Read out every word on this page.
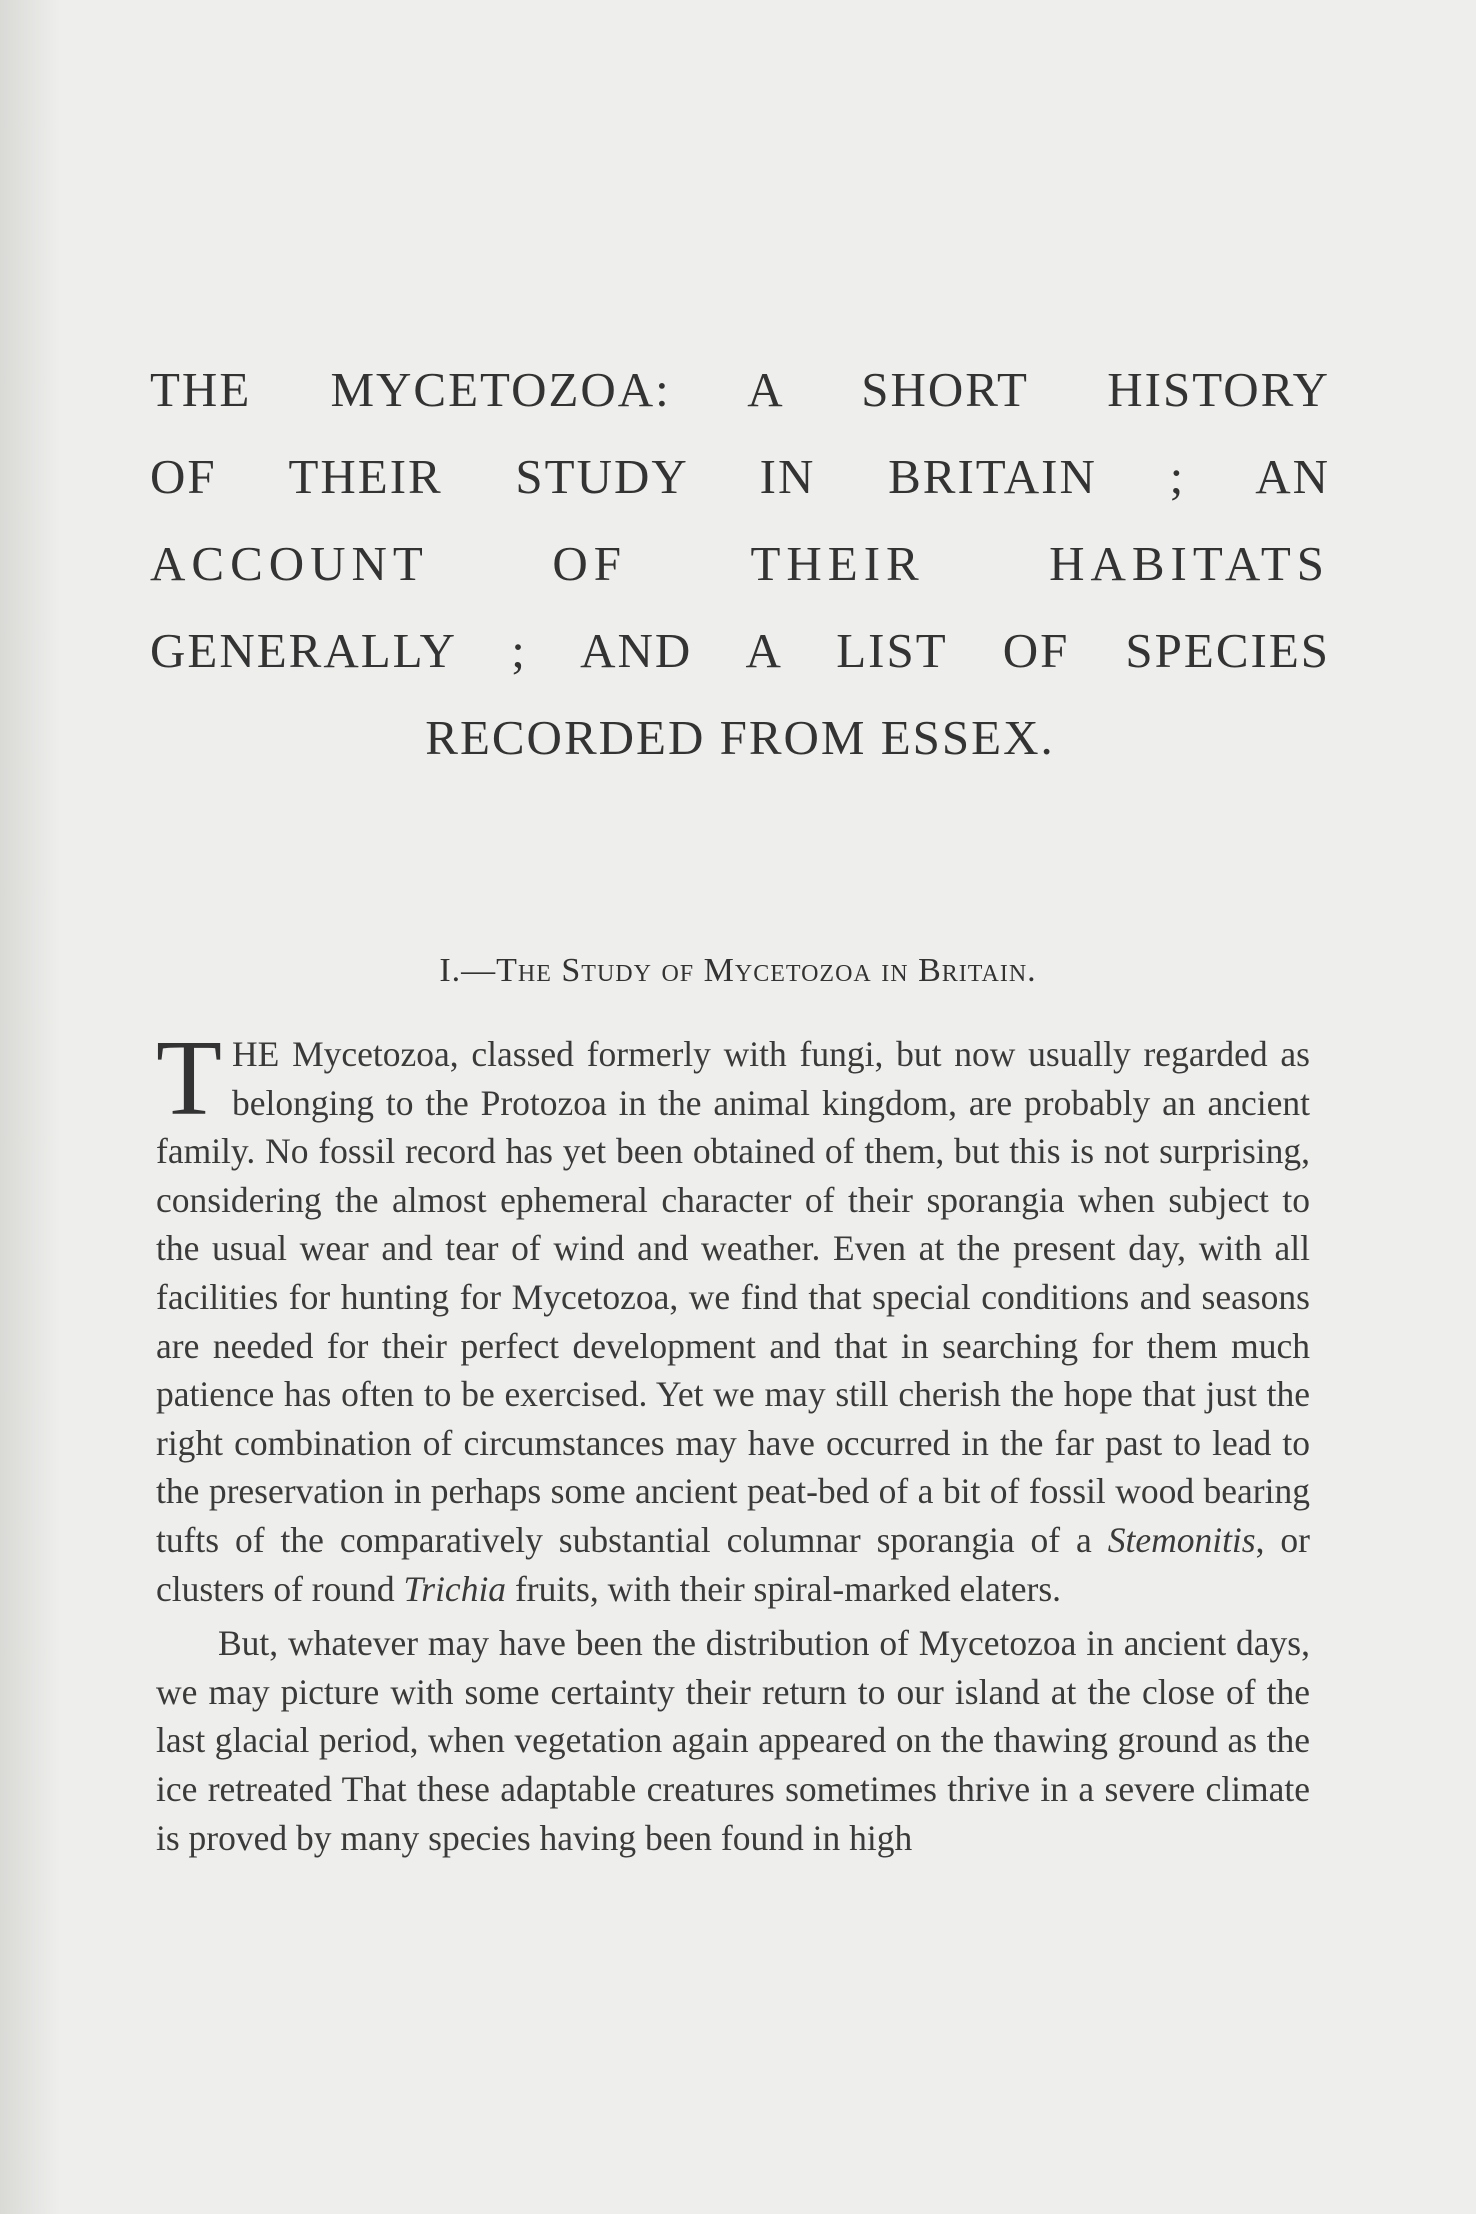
THE MYCETOZOA: A SHORT HISTORY
OF THEIR STUDY IN BRITAIN ; AN
ACCOUNT OF THEIR HABITATS
GENERALLY ; AND A LIST OF SPECIES
RECORDED FROM ESSEX.
I.—The Study of Mycetozoa in Britain.

THE Mycetozoa, classed formerly with fungi, but now usually regarded as belonging to the Protozoa in the animal kingdom, are probably an ancient family. No fossil record has yet been obtained of them, but this is not surprising, considering the almost ephemeral character of their sporangia when subject to the usual wear and tear of wind and weather. Even at the present day, with all facilities for hunting for Mycetozoa, we find that special conditions and seasons are needed for their perfect development and that in searching for them much patience has often to be exercised. Yet we may still cherish the hope that just the right combination of circumstances may have occurred in the far past to lead to the preservation in perhaps some ancient peat-bed of a bit of fossil wood bearing tufts of the comparatively substantial columnar sporangia of a Stemonitis, or clusters of round Trichia fruits, with their spiral-marked elaters.

But, whatever may have been the distribution of Mycetozoa in ancient days, we may picture with some certainty their return to our island at the close of the last glacial period, when vegetation again appeared on the thawing ground as the ice retreated That these adaptable creatures sometimes thrive in a severe climate is proved by many species having been found in high
